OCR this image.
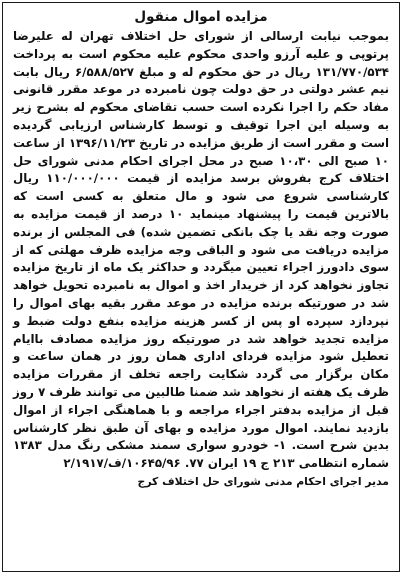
مزایده اموال منقول

بموجب نیابت ارسالی از شورای حل اختلاف تهران له علیرضا پرتوپی و علیه آرزو واحدی محکوم علیه محکوم است به پرداخت ۱۳۱/۷۷۰/۵۳۴ ریال در حق محکوم له و مبلغ ۶/۵۸۸/۵۲۷ ریال بابت نیم عشر دولتی در حق دولت چون نامبرده در موعد مقرر قانونی مفاد حکم را اجرا نکرده است حسب تقاضای محکوم له بشرح زیر به وسیله این اجرا توقیف و توسط کارشناس ارزیابی گردیده است و مقرر است از طریق مزایده در تاریخ ۱۳۹۶/۱۱/۲۳ از ساعت ۱۰ صبح الی ۱۰،۳۰ صبح در محل اجرای احکام مدنی شورای حل اختلاف کرج بفروش برسد مزایده از قیمت ۱۱۰/۰۰۰/۰۰۰ ریال کارشناسی شروع می شود و مال متعلق به کسی است که بالاترین قیمت را پیشنهاد مینماید ۱۰ درصد از قیمت مزایده به صورت وجه نقد یا چک بانکی تضمین شده) فی المجلس از برنده مزایده دریافت می شود و الباقی وجه مزایده ظرف مهلتی که از سوی دادورز اجراء تعیین میگردد و حداکثر یک ماه از تاریخ مزایده تجاوز نخواهد کرد از خریدار اخذ و اموال به نامبرده تحویل خواهد شد در صورتیکه برنده مزایده در موعد مقرر بقیه بهای اموال را نپردازد سپرده او پس از کسر هزینه مزایده بنفع دولت ضبط و مزایده تجدید خواهد شد در صورتیکه روز مزایده مصادف باایام تعطیل شود مزایده فردای اداری همان روز در همان ساعت و مکان برگزار می گردد شکایت راجعه تخلف از مقررات مزایده ظرف یک هفته از نخواهد شد ضمنا طالبین می توانند ظرف ۷ روز قبل از مزایده بدفتر اجراء مراجعه و با هماهنگی اجراء از اموال بازدید نمایند. اموال مورد مزایده و بهای آن طبق نظر کارشناس بدین شرح است. ۱- خودرو سواری سمند مشکی رنگ مدل ۱۳۸۳ شماره انتظامی ۲۱۳ ج ۱۹ ایران ۷۷. ۱۰۶۴۵/۹۶/ف/۲/۱۹۱۷

مدیر اجرای احکام مدنی شورای حل اختلاف کرج
